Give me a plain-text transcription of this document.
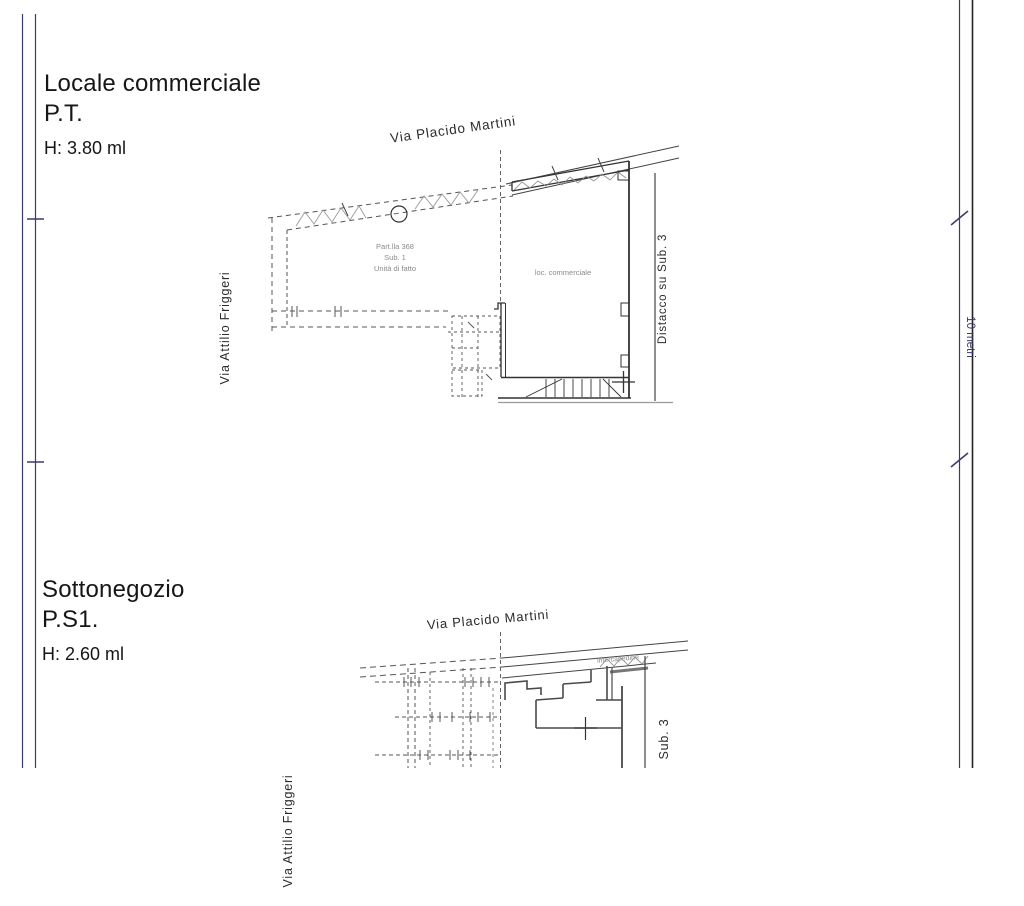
Locale commerciale
P.T.
H: 3.80 ml
Via Placido Martini
Via Attilio Friggeri	Distacco su Sub. 3
Part.lla 368
Sub. 1
Unità di fatto	loc. commerciale
Sottonegozio
P.S1.
H: 2.60 ml
Via Placido Martini
Via Attilio Friggeri
Sub. 3
intercapedine
10 metri
